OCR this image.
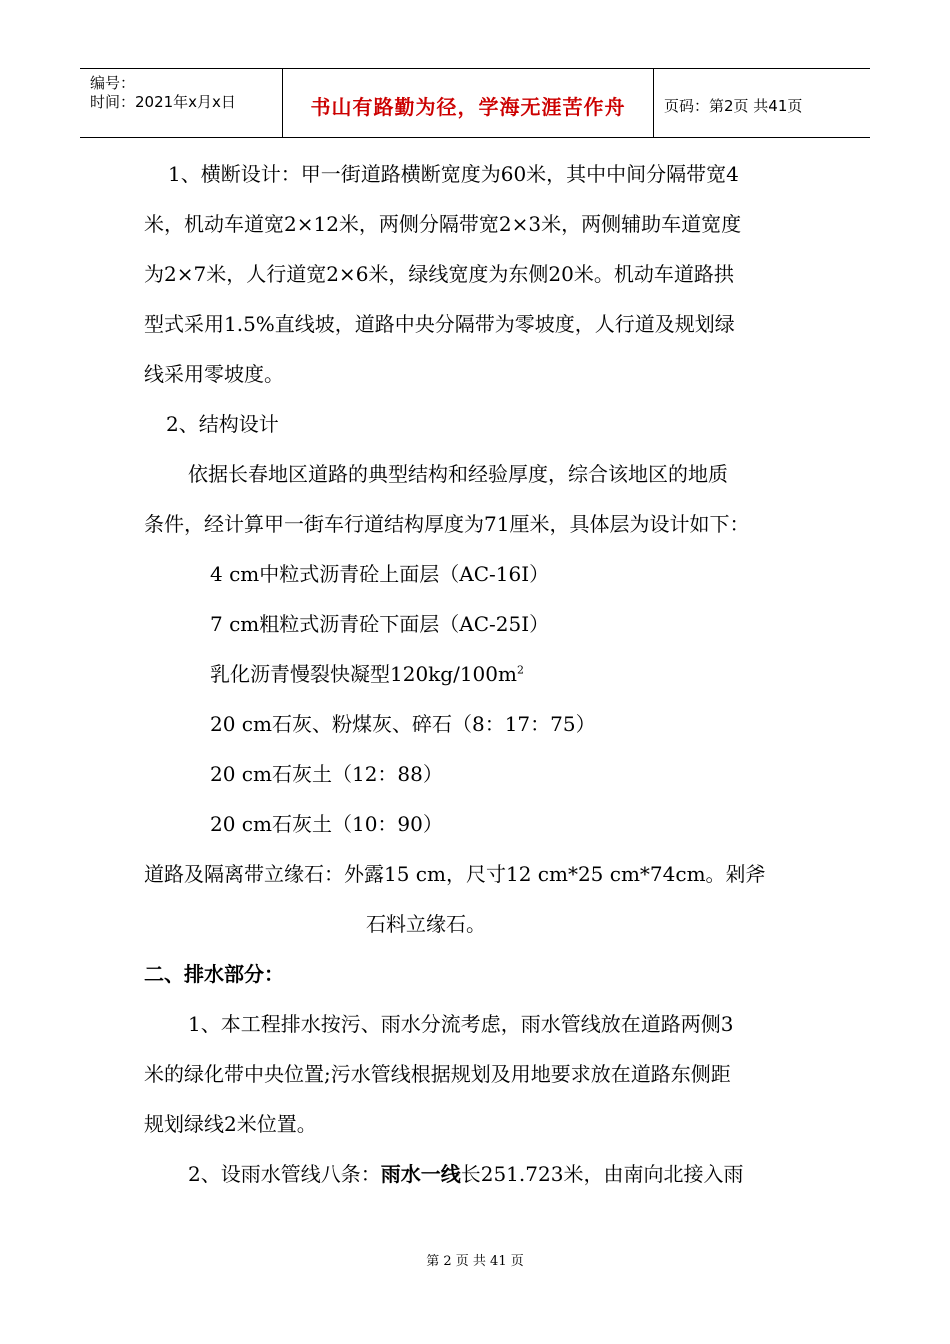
编号：
时间：2021年x月x日	书山有路勤为径，学海无涯苦作舟	页码：第2页 共41页
1、横断设计：甲一街道路横断宽度为60米，其中中间分隔带宽4
米，机动车道宽2×12米，两侧分隔带宽2×3米，两侧辅助车道宽度
为2×7米，人行道宽2×6米，绿线宽度为东侧20米。机动车道路拱
型式采用1.5%直线坡，道路中央分隔带为零坡度，人行道及规划绿
线采用零坡度。
2、结构设计
依据长春地区道路的典型结构和经验厚度，综合该地区的地质
条件，经计算甲一街车行道结构厚度为71厘米，具体层为设计如下：
4 cm中粒式沥青砼上面层（AC-16I）
7 cm粗粒式沥青砼下面层（AC-25I）
乳化沥青慢裂快凝型$120kg/100m^2$
20 cm石灰、粉煤灰、碎石（8：17：75）
20 cm石灰土（12：88）
20 cm石灰土（10：90）
道路及隔离带立缘石：外露15 cm，尺寸12 cm*25 cm*74cm。剁斧
石料立缘石。
二、排水部分：
1、本工程排水按污、雨水分流考虑，雨水管线放在道路两侧3
米的绿化带中央位置;污水管线根据规划及用地要求放在道路东侧距
规划绿线2米位置。
2、设雨水管线八条：雨水一线长251.723米，由南向北接入雨
第 2 页 共 41 页
